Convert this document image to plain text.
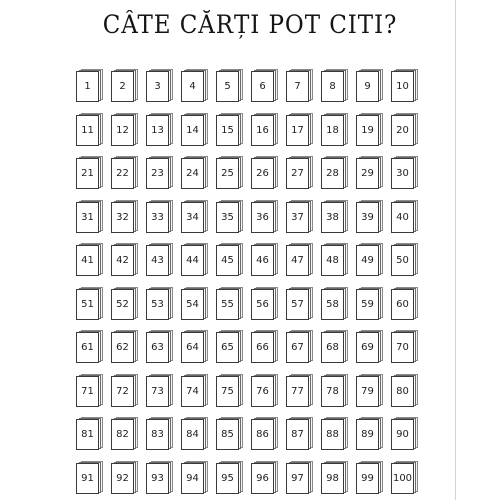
CÂTE CĂRȚI POT CITI?
1	2	3	4	5	6	7	8	9	10
11	12	13	14	15	16	17	18	19	20
21	22	23	24	25	26	27	28	29	30
31	32	33	34	35	36	37	38	39	40
41	42	43	44	45	46	47	48	49	50
51	52	53	54	55	56	57	58	59	60
61	62	63	64	65	66	67	68	69	70
71	72	73	74	75	76	77	78	79	80
81	82	83	84	85	86	87	88	89	90
91	92	93	94	95	96	97	98	99	100
